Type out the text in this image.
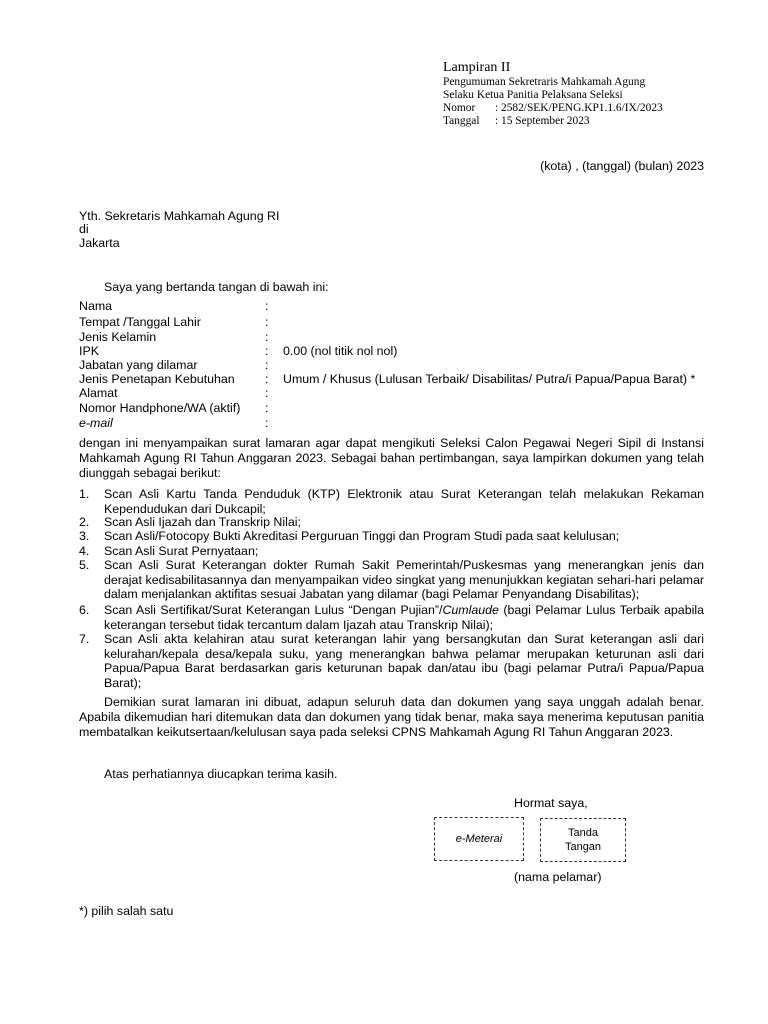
Lampiran II
Pengumuman Sekretraris Mahkamah Agung
Selaku Ketua Panitia Pelaksana Seleksi
Nomor : 2582/SEK/PENG.KP1.1.6/IX/2023
Tanggal : 15 September 2023
(kota) , (tanggal) (bulan) 2023
Yth. Sekretaris Mahkamah Agung RI
di
Jakarta
Saya yang bertanda tangan di bawah ini:
Nama	:
Tempat /Tanggal Lahir	:
Jenis Kelamin	:
IPK	: 0.00 (nol titik nol nol)
Jabatan yang dilamar	:
Jenis Penetapan Kebutuhan : Umum / Khusus (Lulusan Terbaik/ Disabilitas/ Putra/i Papua/Papua Barat) *
Alamat	:
Nomor Handphone/WA (aktif) :
e-mail	:
dengan ini menyampaikan surat lamaran agar dapat mengikuti Seleksi Calon Pegawai Negeri Sipil di Instansi Mahkamah Agung RI Tahun Anggaran 2023. Sebagai bahan pertimbangan, saya lampirkan dokumen yang telah diunggah sebagai berikut:
1. Scan Asli Kartu Tanda Penduduk (KTP) Elektronik atau Surat Keterangan telah melakukan Rekaman Kependudukan dari Dukcapil;
2. Scan Asli Ijazah dan Transkrip Nilai;
3. Scan Asli/Fotocopy Bukti Akreditasi Perguruan Tinggi dan Program Studi pada saat kelulusan;
4. Scan Asli Surat Pernyataan;
5. Scan Asli Surat Keterangan dokter Rumah Sakit Pemerintah/Puskesmas yang menerangkan jenis dan derajat kedisabilitasannya dan menyampaikan video singkat yang menunjukkan kegiatan sehari-hari pelamar dalam menjalankan aktifitas sesuai Jabatan yang dilamar (bagi Pelamar Penyandang Disabilitas);
6. Scan Asli Sertifikat/Surat Keterangan Lulus “Dengan Pujian”/Cumlaude (bagi Pelamar Lulus Terbaik apabila keterangan tersebut tidak tercantum dalam Ijazah atau Transkrip Nilai);
7. Scan Asli akta kelahiran atau surat keterangan lahir yang bersangkutan dan Surat keterangan asli dari kelurahan/kepala desa/kepala suku, yang menerangkan bahwa pelamar merupakan keturunan asli dari Papua/Papua Barat berdasarkan garis keturunan bapak dan/atau ibu (bagi pelamar Putra/i Papua/Papua Barat);
Demikian surat lamaran ini dibuat, adapun seluruh data dan dokumen yang saya unggah adalah benar. Apabila dikemudian hari ditemukan data dan dokumen yang tidak benar, maka saya menerima keputusan panitia membatalkan keikutsertaan/kelulusan saya pada seleksi CPNS Mahkamah Agung RI Tahun Anggaran 2023.
Atas perhatiannya diucapkan terima kasih.
Hormat saya,
e-Meterai	Tanda
Tangan
(nama pelamar)
*) pilih salah satu
